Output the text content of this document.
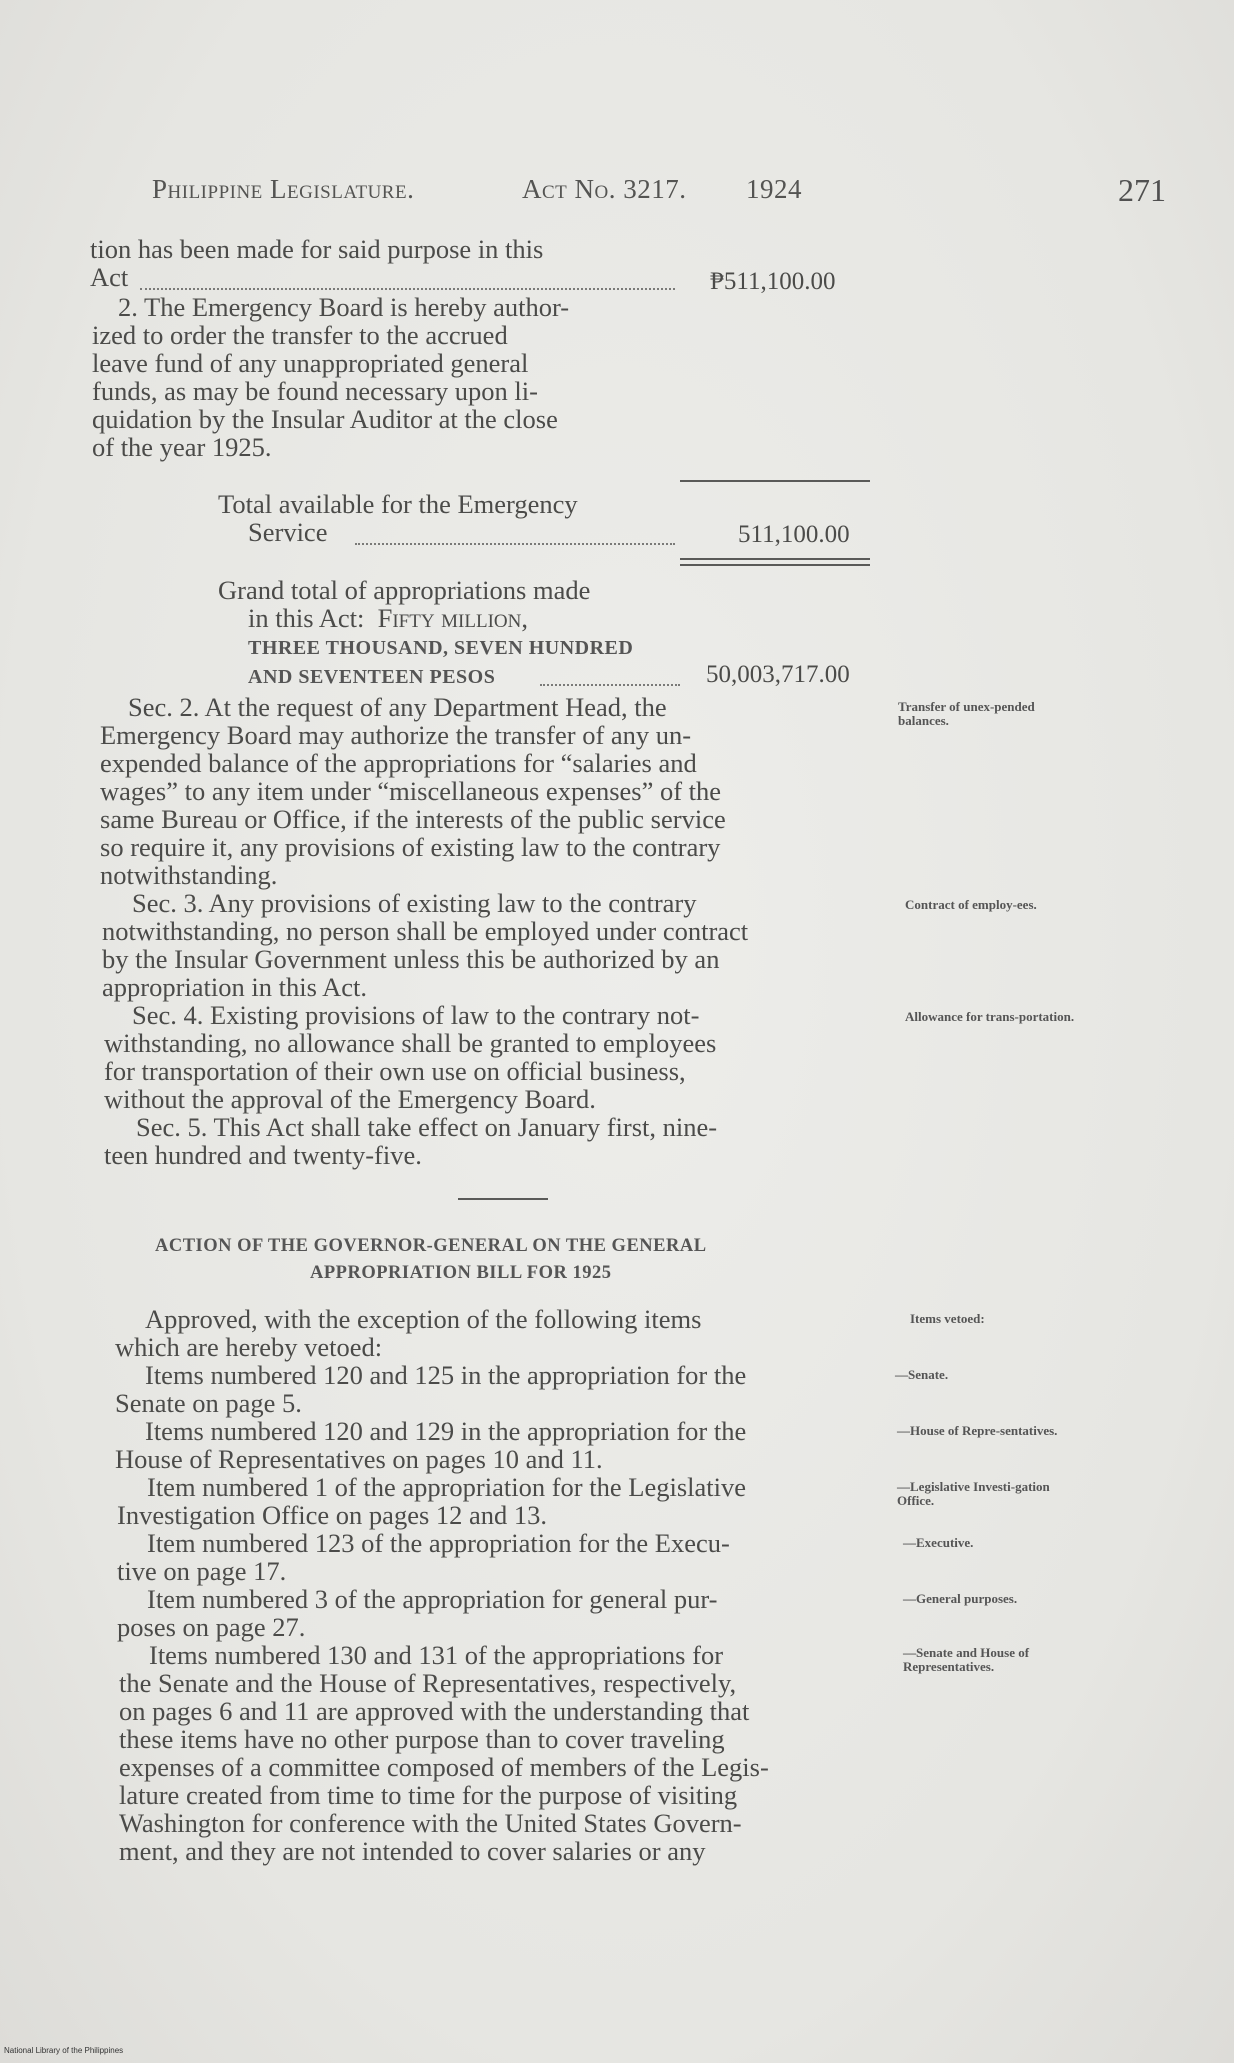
Philippine Legislature.	Act No. 3217. 1924	271
tion has been made for said purpose in this
Act	₱511,100.00
2. The Emergency Board is hereby author-
ized to order the transfer to the accrued
leave fund of any unappropriated general
funds, as may be found necessary upon li-
quidation by the Insular Auditor at the close
of the year 1925.
Total available for the Emergency
Service	511,100.00
Grand total of appropriations made
in this Act: Fifty million,
THREE THOUSAND, SEVEN HUNDRED
AND SEVENTEEN PESOS	50,003,717.00
Sec. 2. At the request of any Department Head, the
Emergency Board may authorize the transfer of any un-
expended balance of the appropriations for “salaries and
wages” to any item under “miscellaneous expenses” of the
same Bureau or Office, if the interests of the public service
so require it, any provisions of existing law to the contrary
notwithstanding.
Sec. 3. Any provisions of existing law to the contrary
notwithstanding, no person shall be employed under contract
by the Insular Government unless this be authorized by an
appropriation in this Act.
Sec. 4. Existing provisions of law to the contrary not-
withstanding, no allowance shall be granted to employees
for transportation of their own use on official business,
without the approval of the Emergency Board.
Sec. 5. This Act shall take effect on January first, nine-
teen hundred and twenty-five.
ACTION OF THE GOVERNOR-GENERAL ON THE GENERAL
APPROPRIATION BILL FOR 1925
Approved, with the exception of the following items
which are hereby vetoed:
Items numbered 120 and 125 in the appropriation for the
Senate on page 5.
Items numbered 120 and 129 in the appropriation for the
House of Representatives on pages 10 and 11.
Item numbered 1 of the appropriation for the Legislative
Investigation Office on pages 12 and 13.
Item numbered 123 of the appropriation for the Execu-
tive on page 17.
Item numbered 3 of the appropriation for general pur-
poses on page 27.
Items numbered 130 and 131 of the appropriations for
the Senate and the House of Representatives, respectively,
on pages 6 and 11 are approved with the understanding that
these items have no other purpose than to cover traveling
expenses of a committee composed of members of the Legis-
lature created from time to time for the purpose of visiting
Washington for conference with the United States Govern-
ment, and they are not intended to cover salaries or any
Transfer of unex-pended balances.
Contract of employ-ees.
Allowance for trans-portation.
Items vetoed:
—Senate.
—House of Repre-sentatives.
—Legislative Investi-gation Office.
—Executive.
—General purposes.
—Senate and House of Representatives.
National Library of the Philippines
